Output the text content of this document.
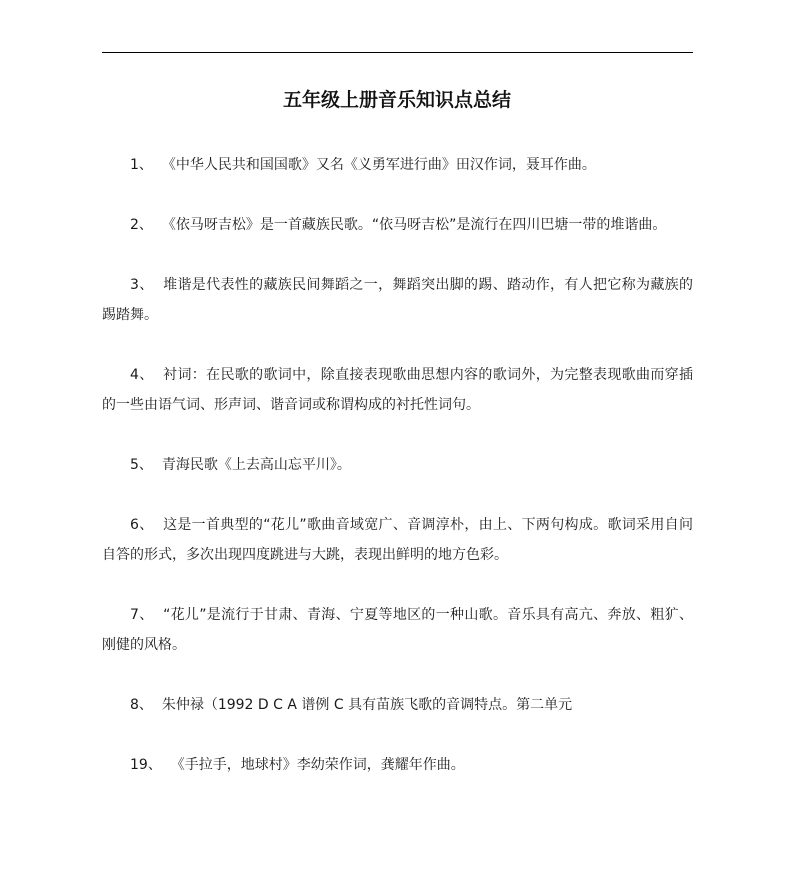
五年级上册音乐知识点总结
1、 《中华人民共和国国歌》又名《义勇军进行曲》田汉作词，聂耳作曲。
2、 《依马呀吉松》是一首藏族民歌。“依马呀吉松”是流行在四川巴塘一带的堆谐曲。
3、 堆谐是代表性的藏族民间舞蹈之一，舞蹈突出脚的踢、踏动作，有人把它称为藏族的踢踏舞。
4、 衬词：在民歌的歌词中，除直接表现歌曲思想内容的歌词外，为完整表现歌曲而穿插的一些由语气词、形声词、谐音词或称谓构成的衬托性词句。
5、 青海民歌《上去高山忘平川》。
6、 这是一首典型的“花儿”歌曲音域宽广、音调淳朴，由上、下两句构成。歌词采用自问自答的形式，多次出现四度跳进与大跳，表现出鲜明的地方色彩。
7、 “花儿”是流行于甘肃、青海、宁夏等地区的一种山歌。音乐具有高亢、奔放、粗犷、刚健的风格。
8、 朱仲禄（1992 D C A 谱例 C 具有苗族飞歌的音调特点。第二单元
19、 《手拉手，地球村》李幼荣作词，龚耀年作曲。
